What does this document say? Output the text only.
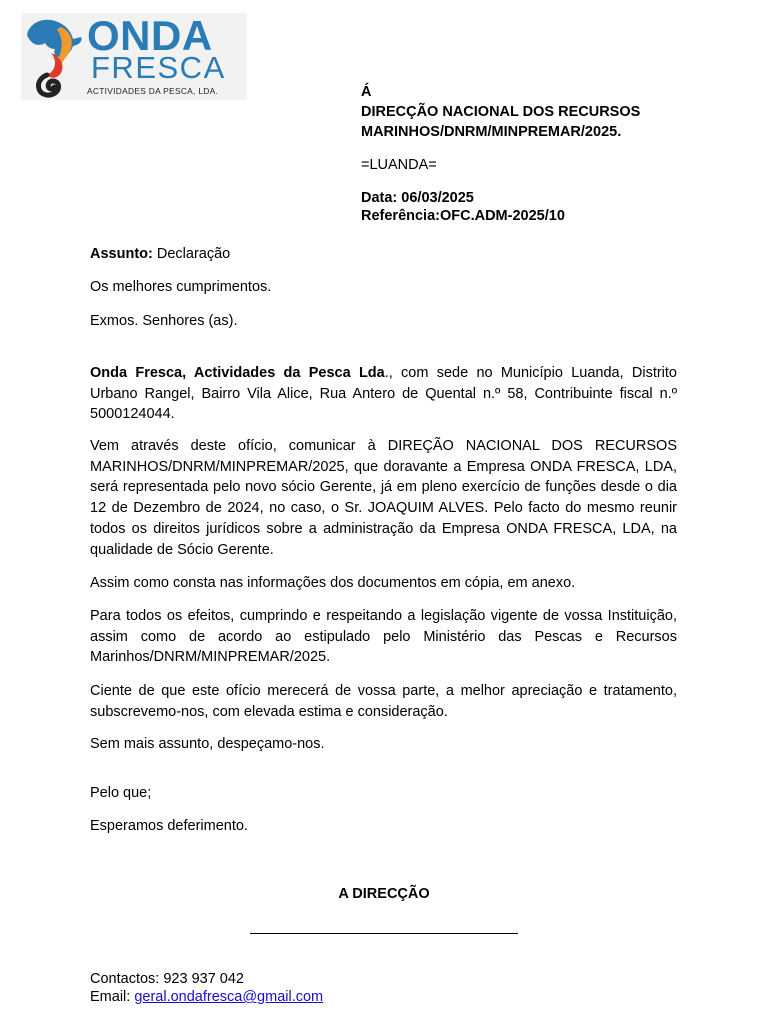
ONDA
FRESCA
ACTIVIDADES DA PESCA, LDA.	Á
DIRECÇÃO NACIONAL DOS RECURSOS
MARINHOS/DNRM/MINPREMAR/2025.
=LUANDA=
Data: 06/03/2025
Referência:OFC.ADM-2025/10

Assunto: Declaração

Os melhores cumprimentos.

Exmos. Senhores (as).

Onda Fresca, Actividades da Pesca Lda., com sede no Município Luanda, Distrito Urbano Rangel, Bairro Vila Alice, Rua Antero de Quental n.º 58, Contribuinte fiscal n.º 5000124044.

Vem através deste ofício, comunicar à DIREÇÃO NACIONAL DOS RECURSOS MARINHOS/DNRM/MINPREMAR/2025, que doravante a Empresa ONDA FRESCA, LDA, será representada pelo novo sócio Gerente, já em pleno exercício de funções desde o dia 12 de Dezembro de 2024, no caso, o Sr. JOAQUIM ALVES. Pelo facto do mesmo reunir todos os direitos jurídicos sobre a administração da Empresa ONDA FRESCA, LDA, na qualidade de Sócio Gerente.

Assim como consta nas informações dos documentos em cópia, em anexo.

Para todos os efeitos, cumprindo e respeitando a legislação vigente de vossa Instituição, assim como de acordo ao estipulado pelo Ministério das Pescas e Recursos Marinhos/DNRM/MINPREMAR/2025.

Ciente de que este ofício merecerá de vossa parte, a melhor apreciação e tratamento, subscrevemo-nos, com elevada estima e consideração.

Sem mais assunto, despeçamo-nos.

Pelo que;

Esperamos deferimento.

A DIRECÇÃO
Contactos: 923 937 042
Email: geral.ondafresca@gmail.com
